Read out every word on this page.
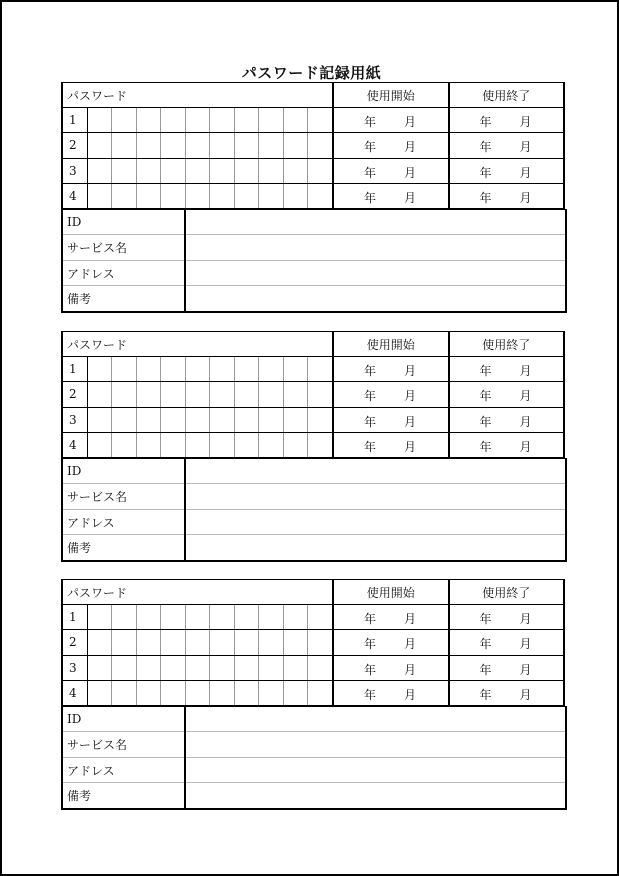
パスワード記録用紙
パスワード											使用開始	使用終了
1											年 月	年 月

2											年 月	年 月

3											年 月	年 月

4											年 月	年 月
ID	
サービス名	
アドレス	
備考	
パスワード											使用開始	使用終了
1											年 月	年 月

2											年 月	年 月

3											年 月	年 月

4											年 月	年 月
ID	
サービス名	
アドレス	
備考	
パスワード											使用開始	使用終了
1											年 月	年 月

2											年 月	年 月

3											年 月	年 月

4											年 月	年 月
ID	
サービス名	
アドレス	
備考	
